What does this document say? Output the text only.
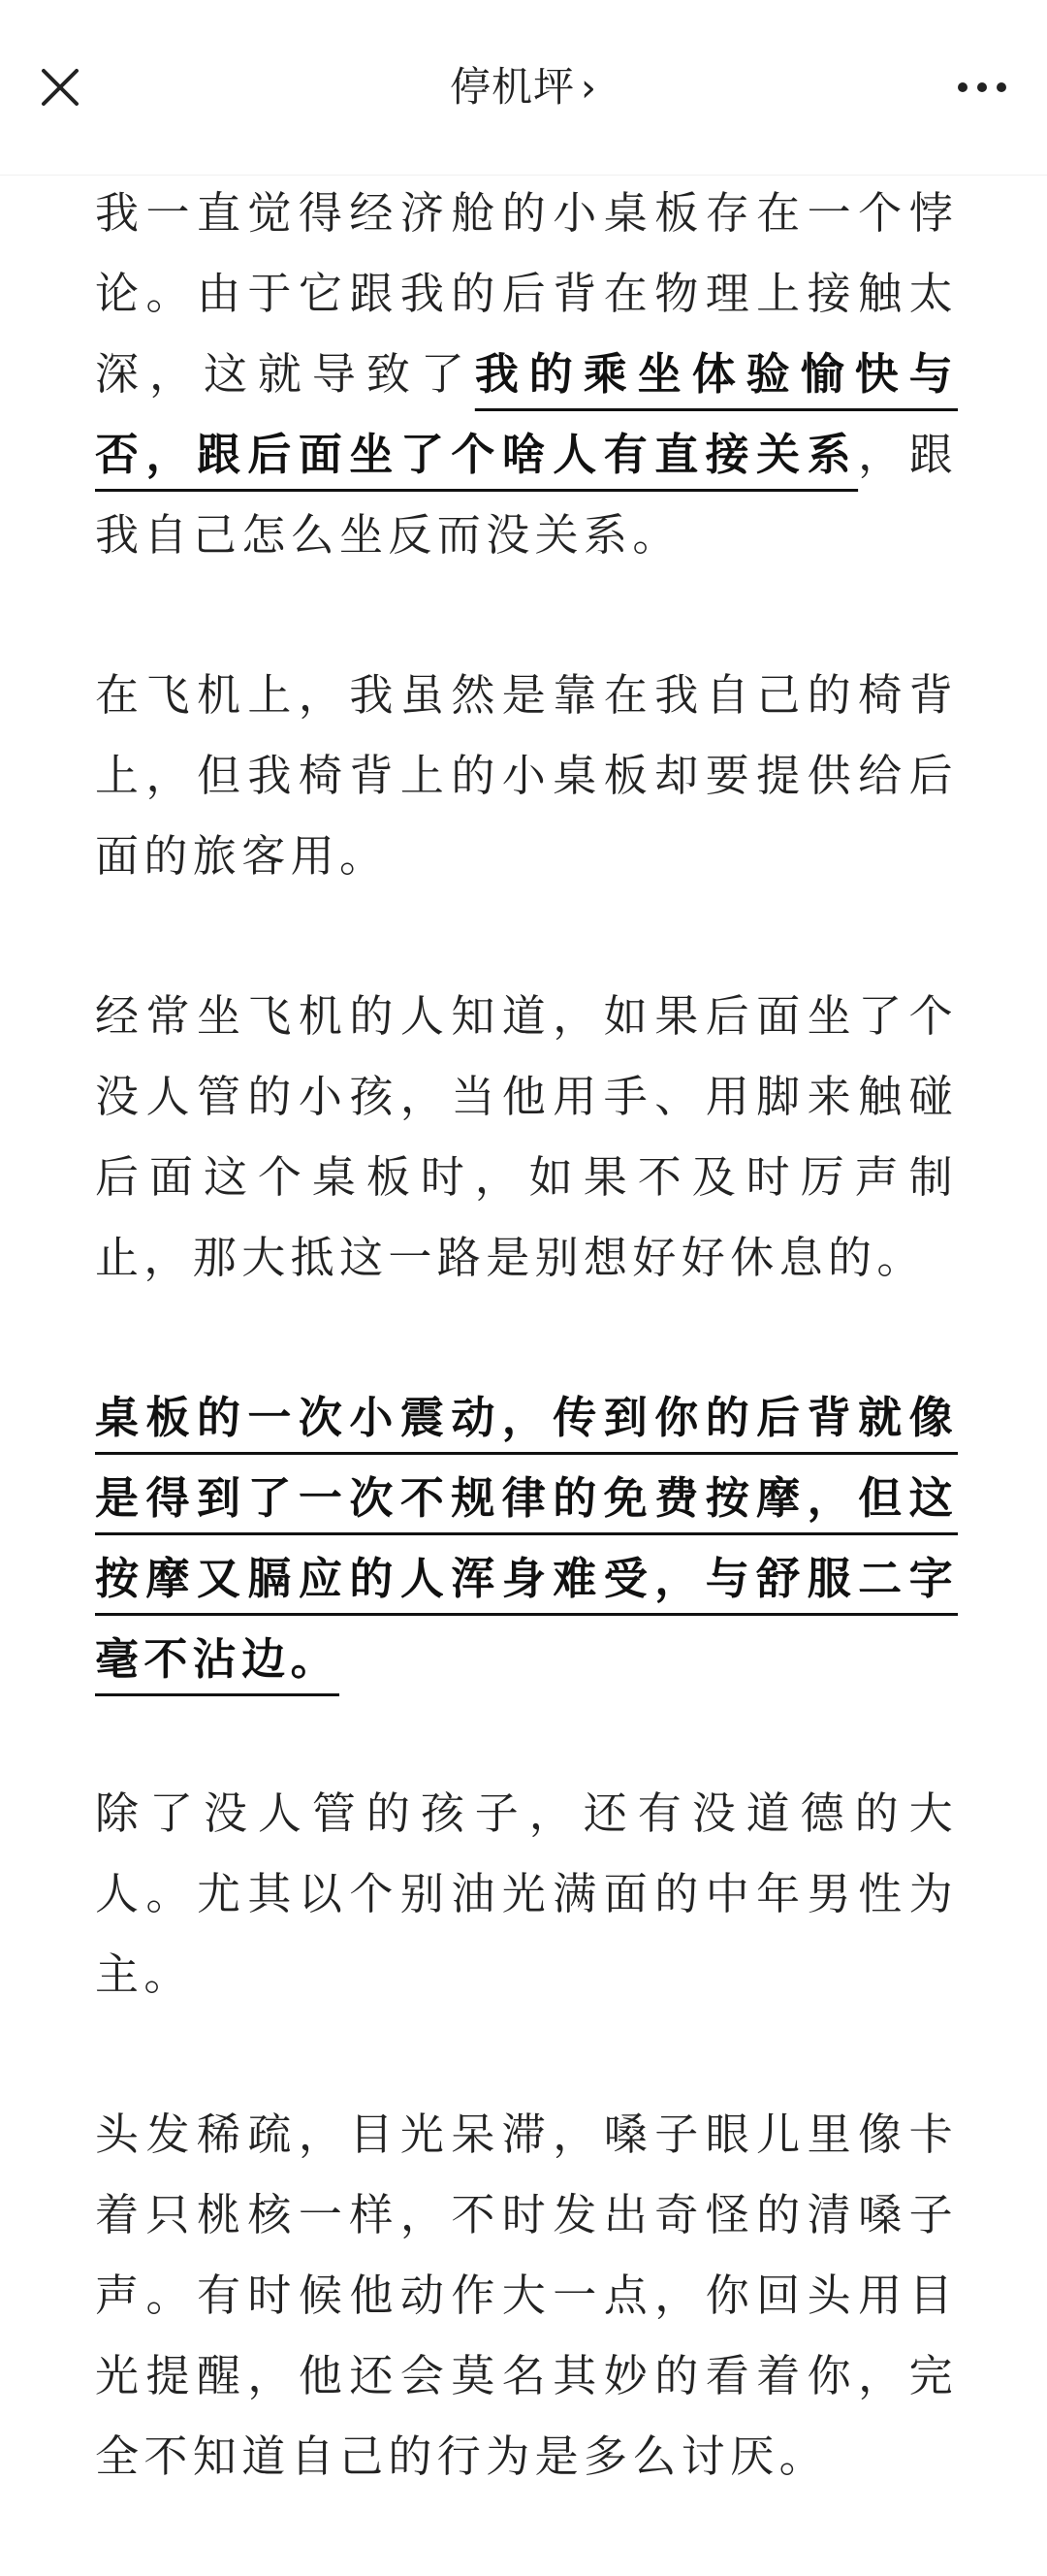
停机坪 ›

我一直觉得经济舱的小桌板存在一个悖论。由于它跟我的后背在物理上接触太深，这就导致了我的乘坐体验愉快与否，跟后面坐了个啥人有直接关系，跟我自己怎么坐反而没关系。

在飞机上，我虽然是靠在我自己的椅背上，但我椅背上的小桌板却要提供给后面的旅客用。

经常坐飞机的人知道，如果后面坐了个没人管的小孩，当他用手、用脚来触碰后面这个桌板时，如果不及时厉声制止，那大抵这一路是别想好好休息的。

桌板的一次小震动，传到你的后背就像是得到了一次不规律的免费按摩，但这按摩又膈应的人浑身难受，与舒服二字毫不沾边。

除了没人管的孩子，还有没道德的大人。尤其以个别油光满面的中年男性为主。

头发稀疏，目光呆滞，嗓子眼儿里像卡着只桃核一样，不时发出奇怪的清嗓子声。有时候他动作大一点，你回头用目光提醒，他还会莫名其妙的看着你，完全不知道自己的行为是多么讨厌。
